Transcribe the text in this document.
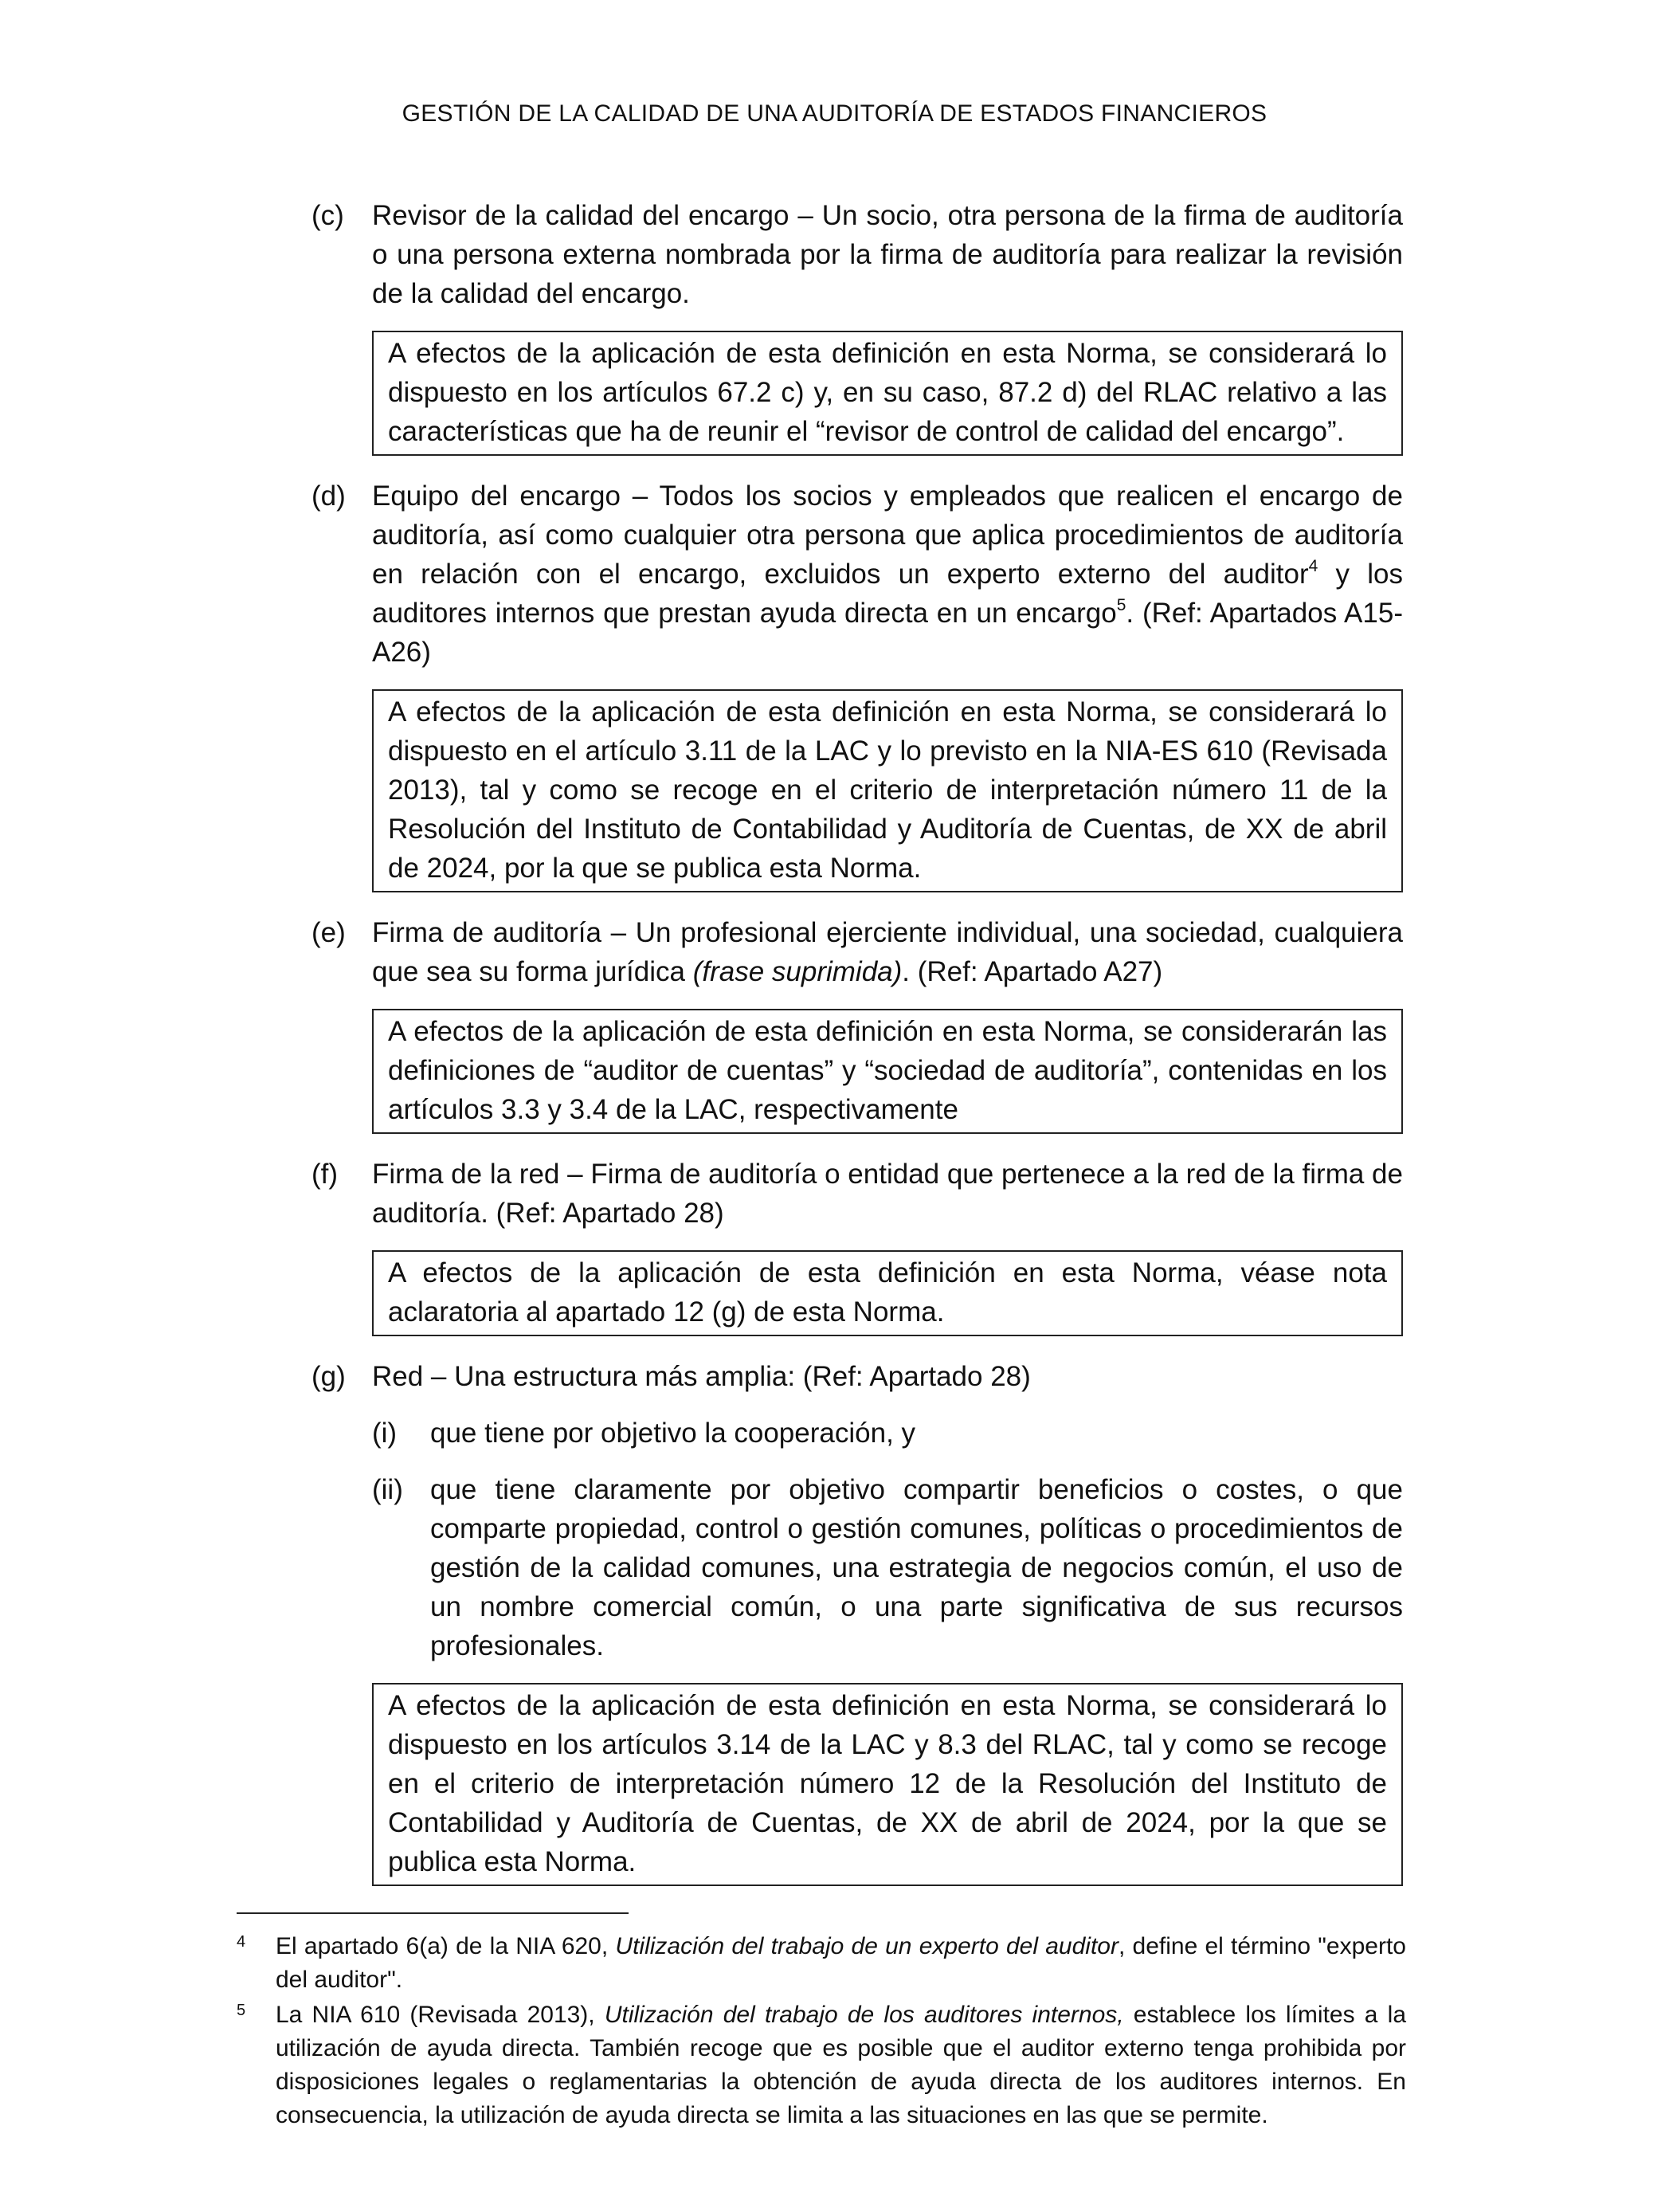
GESTIÓN DE LA CALIDAD DE UNA AUDITORÍA DE ESTADOS FINANCIEROS
(c)	Revisor de la calidad del encargo – Un socio, otra persona de la firma de auditoría o una persona externa nombrada por la firma de auditoría para realizar la revisión de la calidad del encargo.
A efectos de la aplicación de esta definición en esta Norma, se considerará lo dispuesto en los artículos 67.2 c) y, en su caso, 87.2 d) del RLAC relativo a las características que ha de reunir el “revisor de control de calidad del encargo”.
(d) Equipo del encargo – Todos los socios y empleados que realicen el encargo de auditoría, así como cualquier otra persona que aplica procedimientos de auditoría en relación con el encargo, excluidos un experto externo del auditor$^4$ y los auditores internos que prestan ayuda directa en un encargo$^5$. (Ref: Apartados A15-A26)
A efectos de la aplicación de esta definición en esta Norma, se considerará lo dispuesto en el artículo 3.11 de la LAC y lo previsto en la NIA-ES 610 (Revisada 2013), tal y como se recoge en el criterio de interpretación número 11 de la Resolución del Instituto de Contabilidad y Auditoría de Cuentas, de XX de abril de 2024, por la que se publica esta Norma.
(e) Firma de auditoría – Un profesional ejerciente individual, una sociedad, cualquiera que sea su forma jurídica (frase suprimida). (Ref: Apartado A27)
A efectos de la aplicación de esta definición en esta Norma, se considerarán las definiciones de “auditor de cuentas” y “sociedad de auditoría”, contenidas en los artículos 3.3 y 3.4 de la LAC, respectivamente
(f)	Firma de la red – Firma de auditoría o entidad que pertenece a la red de la firma de auditoría. (Ref: Apartado 28)
A efectos de la aplicación de esta definición en esta Norma, véase nota aclaratoria al apartado 12 (g) de esta Norma.
(g) Red – Una estructura más amplia: (Ref: Apartado 28)
(i)	que tiene por objetivo la cooperación, y
(ii) que tiene claramente por objetivo compartir beneficios o costes, o que comparte propiedad, control o gestión comunes, políticas o procedimientos de gestión de la calidad comunes, una estrategia de negocios común, el uso de un nombre comercial común, o una parte significativa de sus recursos profesionales.
A efectos de la aplicación de esta definición en esta Norma, se considerará lo dispuesto en los artículos 3.14 de la LAC y 8.3 del RLAC, tal y como se recoge en el criterio de interpretación número 12 de la Resolución del Instituto de Contabilidad y Auditoría de Cuentas, de XX de abril de 2024, por la que se publica esta Norma.
4	El apartado 6(a) de la NIA 620, Utilización del trabajo de un experto del auditor, define el término "experto del auditor".
5	La NIA 610 (Revisada 2013), Utilización del trabajo de los auditores internos, establece los límites a la utilización de ayuda directa. También recoge que es posible que el auditor externo tenga prohibida por disposiciones legales o reglamentarias la obtención de ayuda directa de los auditores internos. En consecuencia, la utilización de ayuda directa se limita a las situaciones en las que se permite.
